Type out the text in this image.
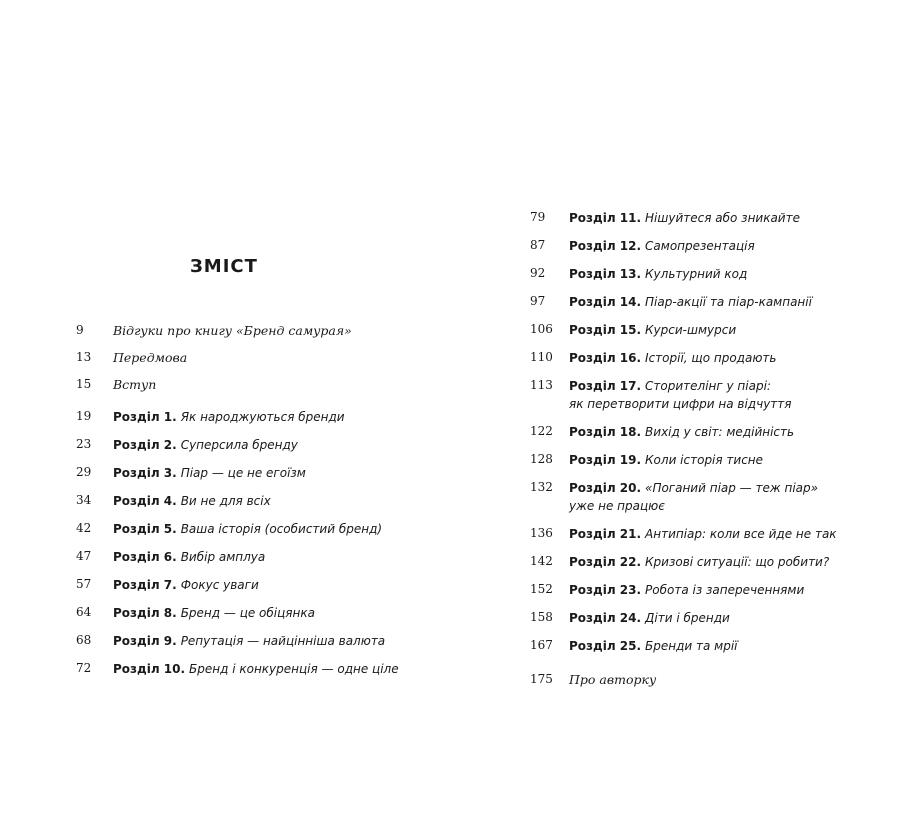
ЗМІСТ
9	Відгуки про книгу «Бренд самурая»
13	Передмова
15	Вступ
19	Розділ 1. Як народжуються бренди
23	Розділ 2. Суперсила бренду
29	Розділ 3. Піар — це не егоїзм
34	Розділ 4. Ви не для всіх
42	Розділ 5. Ваша історія (особистий бренд)
47	Розділ 6. Вибір амплуа
57	Розділ 7. Фокус уваги
64	Розділ 8. Бренд — це обіцянка
68	Розділ 9. Репутація — найцінніша валюта
72	Розділ 10. Бренд і конкуренція — одне ціле
79	Розділ 11. Нішуйтеся або зникайте
87	Розділ 12. Самопрезентація
92	Розділ 13. Культурний код
97	Розділ 14. Піар-акції та піар-кампанії
106	Розділ 15. Курси-шмурси
110	Розділ 16. Історії, що продають
113	Розділ 17. Сторителінг у піарі:
як перетворити цифри на відчуття
122	Розділ 18. Вихід у світ: медійність
128	Розділ 19. Коли історія тисне
132	Розділ 20. «Поганий піар — теж піар»
уже не працює
136	Розділ 21. Антипіар: коли все йде не так
142	Розділ 22. Кризові ситуації: що робити?
152	Розділ 23. Робота із запереченнями
158	Розділ 24. Діти і бренди
167	Розділ 25. Бренди та мрії
175	Про авторку
